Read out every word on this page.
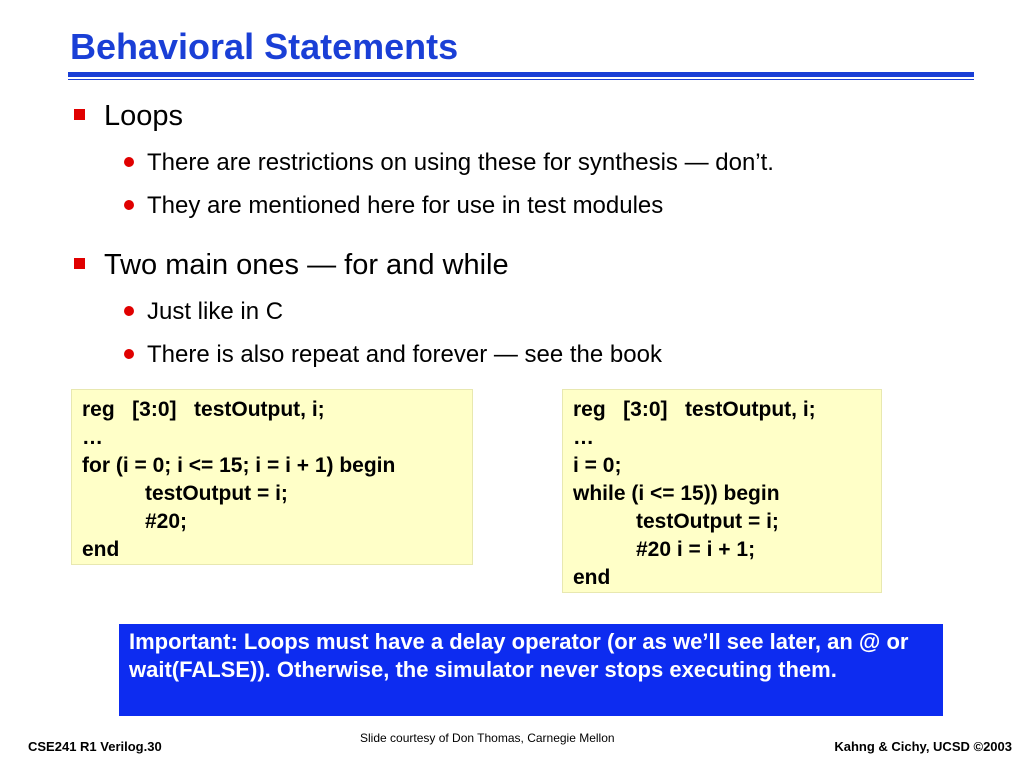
Behavioral Statements
Loops
There are restrictions on using these for synthesis — don’t.
They are mentioned here for use in test modules
Two main ones — for and while
Just like in C
There is also repeat and forever — see the book
reg   [3:0]   testOutput, i;
…
for (i = 0; i <= 15; i = i + 1) begin
testOutput = i;
#20;
end
reg   [3:0]   testOutput, i;
…
i = 0;
while (i <= 15)) begin
testOutput = i;
#20 i = i + 1;
end
Important: Loops must have a delay operator (or as we’ll see later, an @ or wait(FALSE)). Otherwise, the simulator never stops executing them.
CSE241 R1 Verilog.30
Slide courtesy of Don Thomas, Carnegie Mellon
Kahng & Cichy, UCSD ©2003
